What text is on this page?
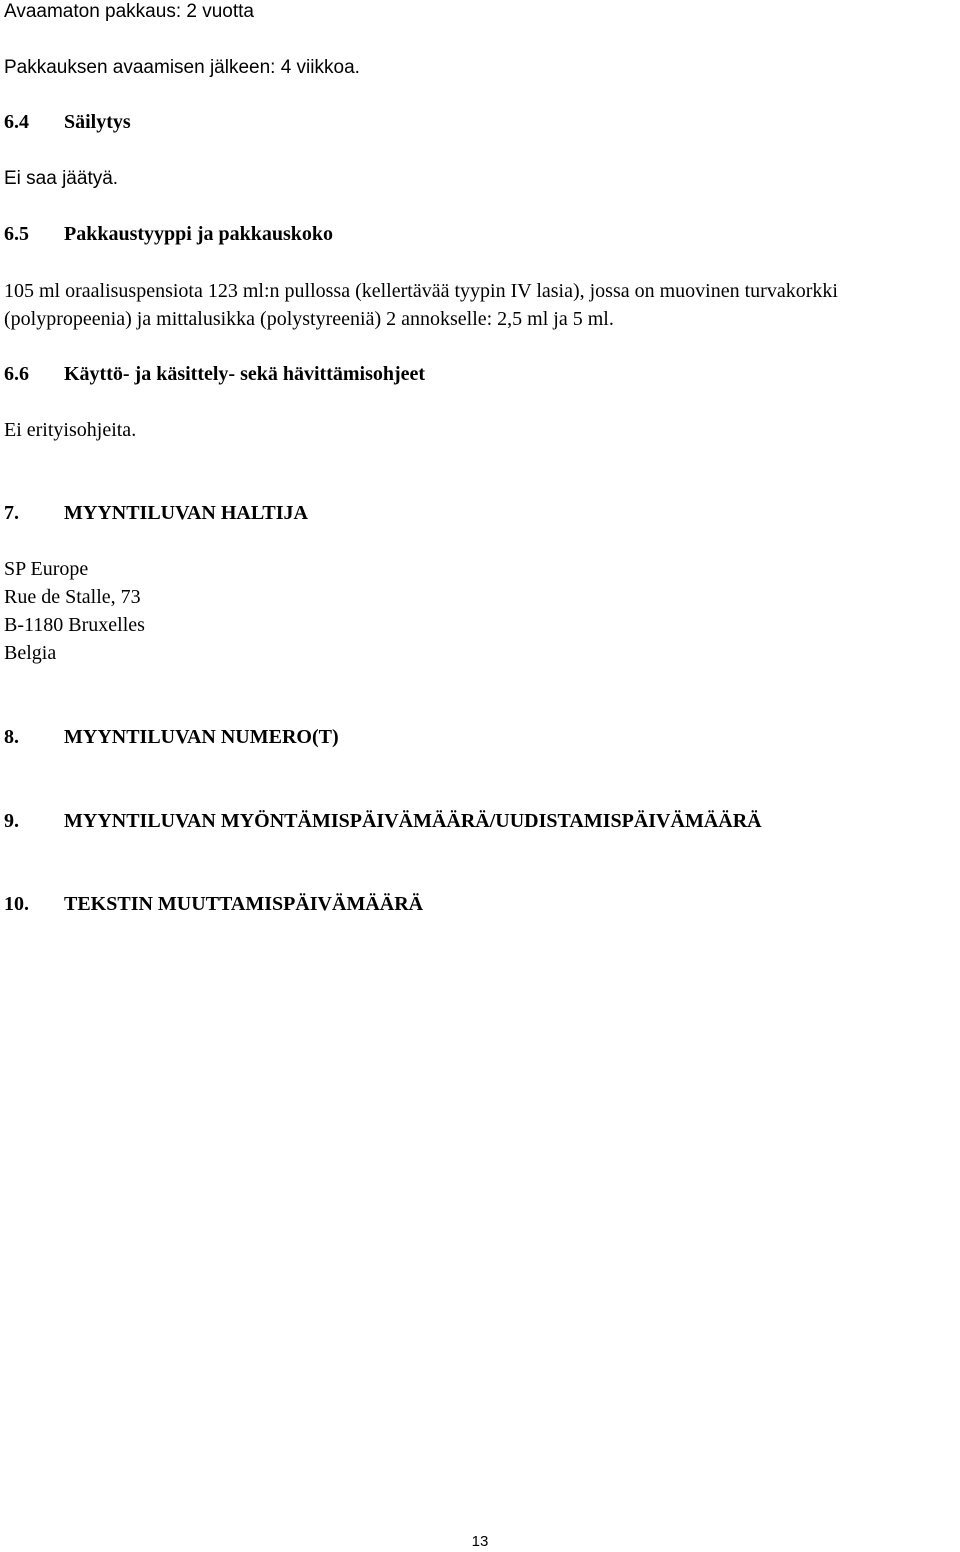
Avaamaton pakkaus: 2 vuotta
Pakkauksen avaamisen jälkeen: 4 viikkoa.
6.4 Säilytys
Ei saa jäätyä.
6.5 Pakkaustyyppi ja pakkauskoko
105 ml oraalisuspensiota 123 ml:n pullossa (kellertävää tyypin IV lasia), jossa on muovinen turvakorkki
(polypropeenia) ja mittalusikka (polystyreeniä) 2 annokselle: 2,5 ml ja 5 ml.
6.6 Käyttö- ja käsittely- sekä hävittämisohjeet
Ei erityisohjeita.
7. MYYNTILUVAN HALTIJA
SP Europe
Rue de Stalle, 73
B-1180 Bruxelles
Belgia
8. MYYNTILUVAN NUMERO(T)
9. MYYNTILUVAN MYÖNTÄMISPÄIVÄMÄÄRÄ/UUDISTAMISPÄIVÄMÄÄRÄ
10. TEKSTIN MUUTTAMISPÄIVÄMÄÄRÄ
13
